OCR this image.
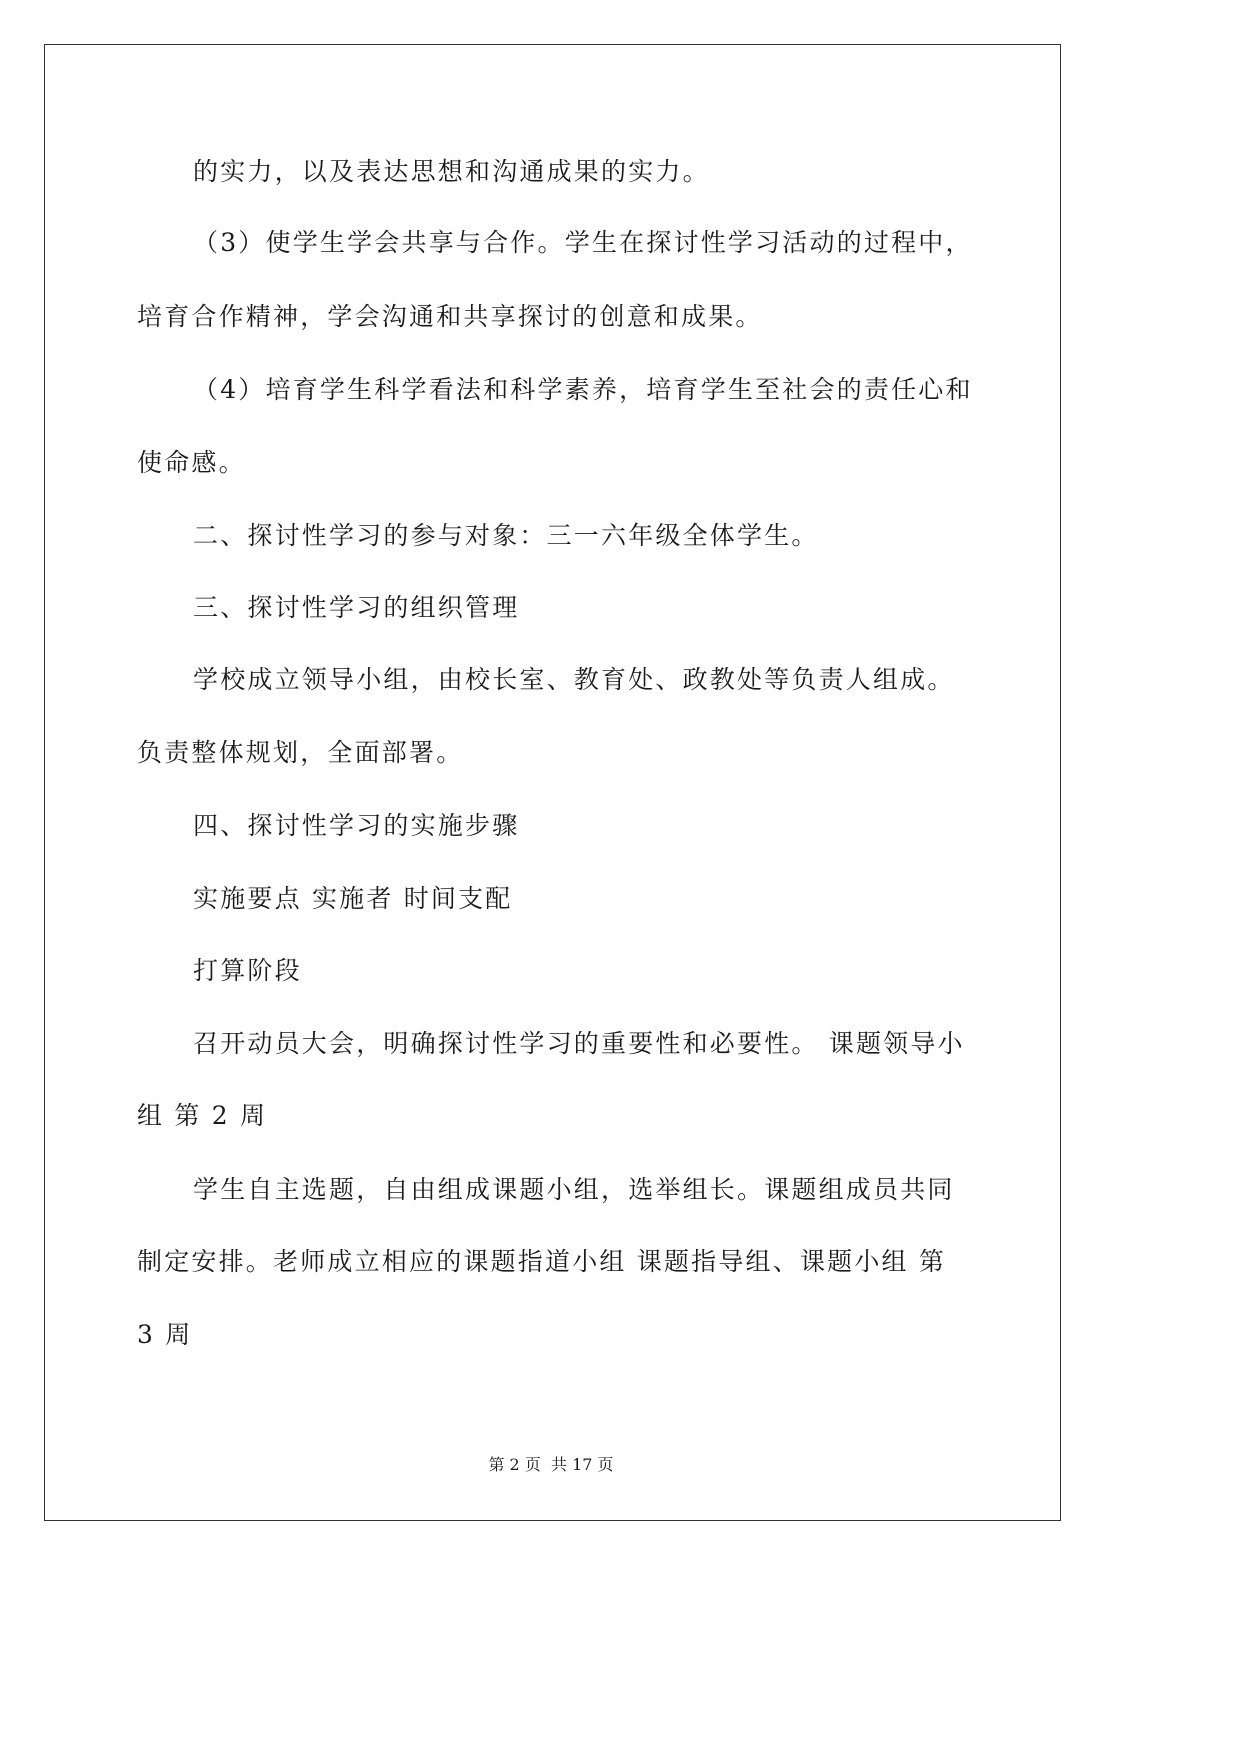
的实力，以及表达思想和沟通成果的实力。
（3）使学生学会共享与合作。学生在探讨性学习活动的过程中，
培育合作精神，学会沟通和共享探讨的创意和成果。
（4）培育学生科学看法和科学素养，培育学生至社会的责任心和
使命感。
二、探讨性学习的参与对象：三一六年级全体学生。
三、探讨性学习的组织管理
学校成立领导小组，由校长室、教育处、政教处等负责人组成。
负责整体规划，全面部署。
四、探讨性学习的实施步骤
实施要点 实施者 时间支配
打算阶段
召开动员大会，明确探讨性学习的重要性和必要性。 课题领导小
组 第 2 周
学生自主选题，自由组成课题小组，选举组长。课题组成员共同
制定安排。老师成立相应的课题指道小组 课题指导组、课题小组 第
3 周
第 2 页  共 17 页
